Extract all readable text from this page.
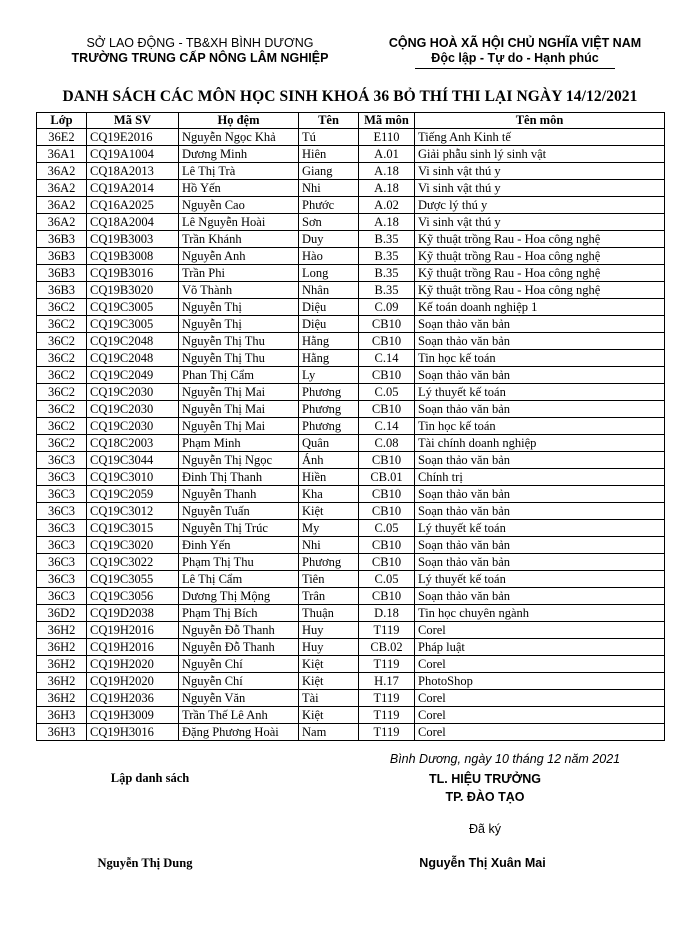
SỞ LAO ĐỘNG - TB&XH BÌNH DƯƠNG
TRƯỜNG TRUNG CẤP NÔNG LÂM NGHIỆP
CỘNG HOÀ XÃ HỘI CHỦ NGHĨA VIỆT NAM
Độc lập - Tự do - Hạnh phúc
DANH SÁCH CÁC MÔN HỌC SINH KHOÁ 36 BỎ THÍ THI LẠI NGÀY 14/12/2021
Lớp	Mã SV	Họ đệm	Tên	Mã môn	Tên môn
36E2	CQ19E2016	Nguyễn Ngọc Khả	Tú	E110	Tiếng Anh Kinh tế
36A1	CQ19A1004	Dương Minh	Hiên	A.01	Giải phẫu sinh lý sinh vật
36A2	CQ18A2013	Lê Thị Trà	Giang	A.18	Vi sinh vật thú y
36A2	CQ19A2014	Hồ Yến	Nhi	A.18	Vi sinh vật thú y
36A2	CQ16A2025	Nguyễn Cao	Phước	A.02	Dược lý thú y
36A2	CQ18A2004	Lê Nguyễn Hoài	Sơn	A.18	Vi sinh vật thú y
36B3	CQ19B3003	Trần Khánh	Duy	B.35	Kỹ thuật trồng Rau - Hoa công nghệ
36B3	CQ19B3008	Nguyễn Anh	Hào	B.35	Kỹ thuật trồng Rau - Hoa công nghệ
36B3	CQ19B3016	Trần Phi	Long	B.35	Kỹ thuật trồng Rau - Hoa công nghệ
36B3	CQ19B3020	Võ Thành	Nhân	B.35	Kỹ thuật trồng Rau - Hoa công nghệ
36C2	CQ19C3005	Nguyễn Thị	Diệu	C.09	Kế toán doanh nghiệp 1
36C2	CQ19C3005	Nguyễn Thị	Diệu	CB10	Soạn thảo văn bản
36C2	CQ19C2048	Nguyễn Thị Thu	Hằng	CB10	Soạn thảo văn bản
36C2	CQ19C2048	Nguyễn Thị Thu	Hằng	C.14	Tin học kế toán
36C2	CQ19C2049	Phan Thị Cẩm	Ly	CB10	Soạn thảo văn bản
36C2	CQ19C2030	Nguyễn Thị Mai	Phương	C.05	Lý thuyết kế toán
36C2	CQ19C2030	Nguyễn Thị Mai	Phương	CB10	Soạn thảo văn bản
36C2	CQ19C2030	Nguyễn Thị Mai	Phương	C.14	Tin học kế toán
36C2	CQ18C2003	Phạm Minh	Quân	C.08	Tài chính doanh nghiệp
36C3	CQ19C3044	Nguyễn Thị Ngọc	Ánh	CB10	Soạn thảo văn bản
36C3	CQ19C3010	Đinh Thị Thanh	Hiền	CB.01	Chính trị
36C3	CQ19C2059	Nguyễn Thanh	Kha	CB10	Soạn thảo văn bản
36C3	CQ19C3012	Nguyễn Tuấn	Kiệt	CB10	Soạn thảo văn bản
36C3	CQ19C3015	Nguyễn Thị Trúc	My	C.05	Lý thuyết kế toán
36C3	CQ19C3020	Đinh Yến	Nhi	CB10	Soạn thảo văn bản
36C3	CQ19C3022	Phạm Thị Thu	Phương	CB10	Soạn thảo văn bản
36C3	CQ19C3055	Lê Thị Cẩm	Tiên	C.05	Lý thuyết kế toán
36C3	CQ19C3056	Dương Thị Mộng	Trân	CB10	Soạn thảo văn bản
36D2	CQ19D2038	Phạm Thị Bích	Thuận	D.18	Tin học chuyên ngành
36H2	CQ19H2016	Nguyễn Đỗ Thanh	Huy	T119	Corel
36H2	CQ19H2016	Nguyễn Đỗ Thanh	Huy	CB.02	Pháp luật
36H2	CQ19H2020	Nguyễn Chí	Kiệt	T119	Corel
36H2	CQ19H2020	Nguyễn Chí	Kiệt	H.17	PhotoShop
36H2	CQ19H2036	Nguyễn Văn	Tài	T119	Corel
36H3	CQ19H3009	Trần Thế Lê Anh	Kiệt	T119	Corel
36H3	CQ19H3016	Đặng Phương Hoài	Nam	T119	Corel
Bình Dương, ngày 10 tháng 12 năm 2021
Lập danh sách	TL. HIỆU TRƯỞNG
TP. ĐÀO TẠO
Đã ký
Nguyễn Thị Dung	Nguyễn Thị Xuân Mai
